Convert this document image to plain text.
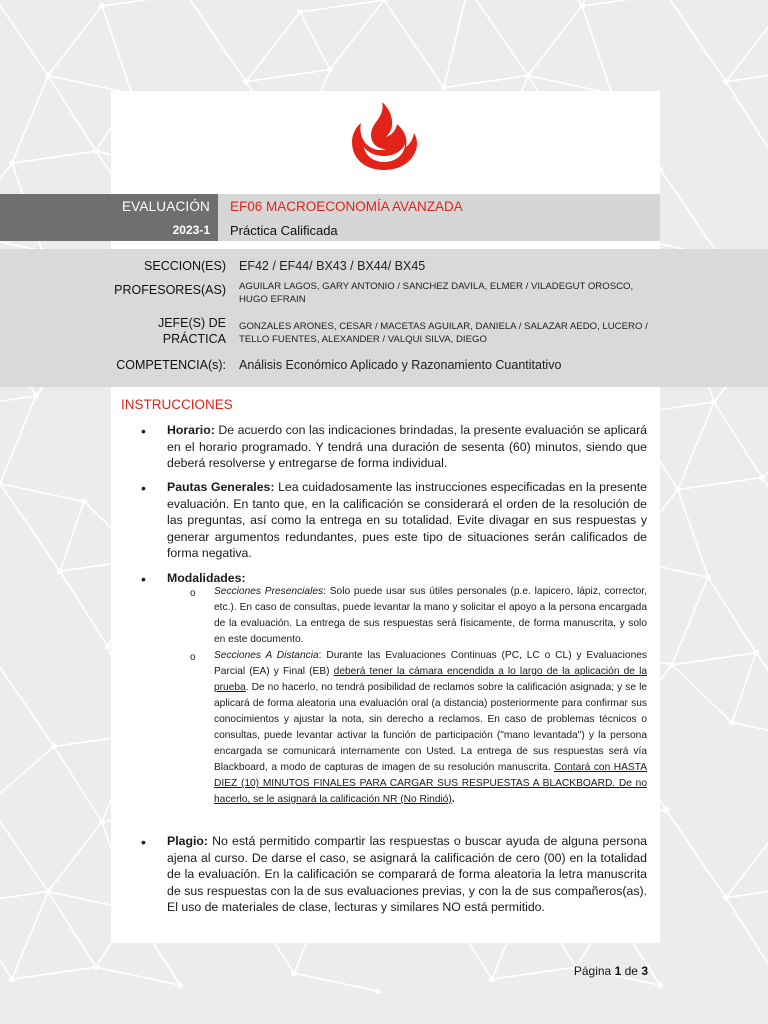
EVALUACIÓN
2023-1
EF06 MACROECONOMÍA AVANZADA
Práctica Calificada
SECCION(ES) EF42 / EF44/ BX43 / BX44/ BX45
PROFESORES(AS) AGUILAR LAGOS, GARY ANTONIO / SANCHEZ DAVILA, ELMER / VILADEGUT OROSCO, HUGO EFRAIN
JEFE(S) DE
PRÁCTICA
GONZALES ARONES, CESAR / MACETAS AGUILAR, DANIELA / SALAZAR AEDO, LUCERO / TELLO FUENTES, ALEXANDER / VALQUI SILVA, DIEGO
COMPETENCIA(s): Análisis Económico Aplicado y Razonamiento Cuantitativo
INSTRUCCIONES
• Horario: De acuerdo con las indicaciones brindadas, la presente evaluación se aplicará en el horario programado. Y tendrá una duración de sesenta (60) minutos, siendo que deberá resolverse y entregarse de forma individual.
• Pautas Generales: Lea cuidadosamente las instrucciones especificadas en la presente evaluación. En tanto que, en la calificación se considerará el orden de la resolución de las preguntas, así como la entrega en su totalidad. Evite divagar en sus respuestas y generar argumentos redundantes, pues este tipo de situaciones serán calificados de forma negativa.
• Modalidades:
o Secciones Presenciales: Solo puede usar sus útiles personales (p.e. lapicero, lápiz, corrector, etc.). En caso de consultas, puede levantar la mano y solicitar el apoyo a la persona encargada de la evaluación. La entrega de sus respuestas será físicamente, de forma manuscrita, y solo en este documento.
o Secciones A Distancia: Durante las Evaluaciones Continuas (PC, LC o CL) y Evaluaciones Parcial (EA) y Final (EB) deberá tener la cámara encendida a lo largo de la aplicación de la prueba. De no hacerlo, no tendrá posibilidad de reclamos sobre la calificación asignada; y se le aplicará de forma aleatoria una evaluación oral (a distancia) posteriormente para confirmar sus conocimientos y ajustar la nota, sin derecho a reclamos. En caso de problemas técnicos o consultas, puede levantar activar la función de participación ("mano levantada") y la persona encargada se comunicará internamente con Usted. La entrega de sus respuestas será vía Blackboard, a modo de capturas de imagen de su resolución manuscrita. Contará con HASTA DIEZ (10) MINUTOS FINALES PARA CARGAR SUS RESPUESTAS A BLACKBOARD. De no hacerlo, se le asignará la calificación NR (No Rindió).
• Plagio: No está permitido compartir las respuestas o buscar ayuda de alguna persona ajena al curso. De darse el caso, se asignará la calificación de cero (00) en la totalidad de la evaluación. En la calificación se comparará de forma aleatoria la letra manuscrita de sus respuestas con la de sus evaluaciones previas, y con la de sus compañeros(as). El uso de materiales de clase, lecturas y similares NO está permitido.
Página 1 de 3
